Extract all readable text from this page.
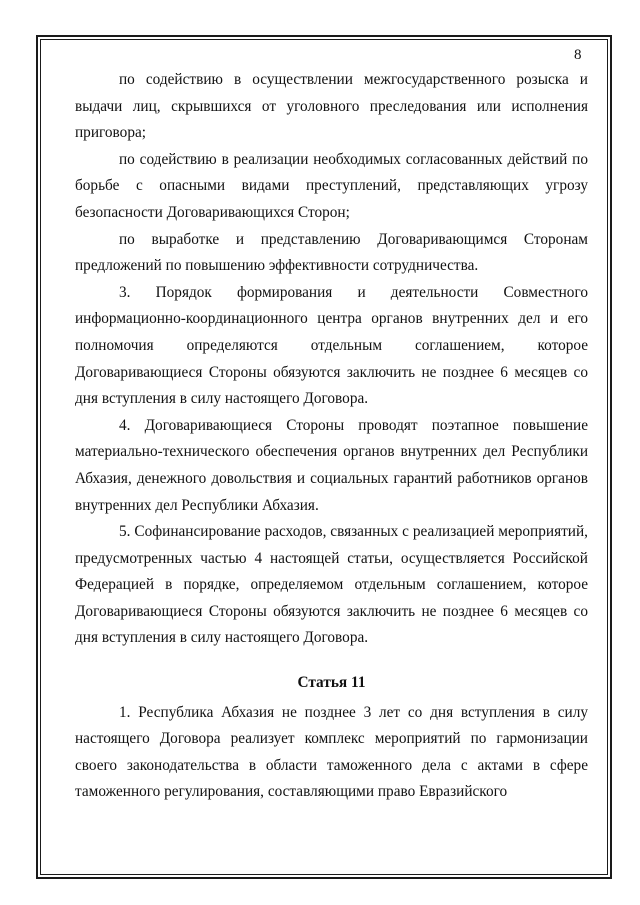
8

по содействию в осуществлении межгосударственного розыска и выдачи лиц, скрывшихся от уголовного преследования или исполнения приговора;

по содействию в реализации необходимых согласованных действий по борьбе с опасными видами преступлений, представляющих угрозу безопасности Договаривающихся Сторон;

по выработке и представлению Договаривающимся Сторонам предложений по повышению эффективности сотрудничества.

3. Порядок формирования и деятельности Совместного информационно-координационного центра органов внутренних дел и его полномочия определяются отдельным соглашением, которое Договаривающиеся Стороны обязуются заключить не позднее 6 месяцев со дня вступления в силу настоящего Договора.

4. Договаривающиеся Стороны проводят поэтапное повышение материально-технического обеспечения органов внутренних дел Республики Абхазия, денежного довольствия и социальных гарантий работников органов внутренних дел Республики Абхазия.

5. Софинансирование расходов, связанных с реализацией мероприятий, предусмотренных частью 4 настоящей статьи, осуществляется Российской Федерацией в порядке, определяемом отдельным соглашением, которое Договаривающиеся Стороны обязуются заключить не позднее 6 месяцев со дня вступления в силу настоящего Договора.

Статья 11

1. Республика Абхазия не позднее 3 лет со дня вступления в силу настоящего Договора реализует комплекс мероприятий по гармонизации своего законодательства в области таможенного дела с актами в сфере таможенного регулирования, составляющими право Евразийского
